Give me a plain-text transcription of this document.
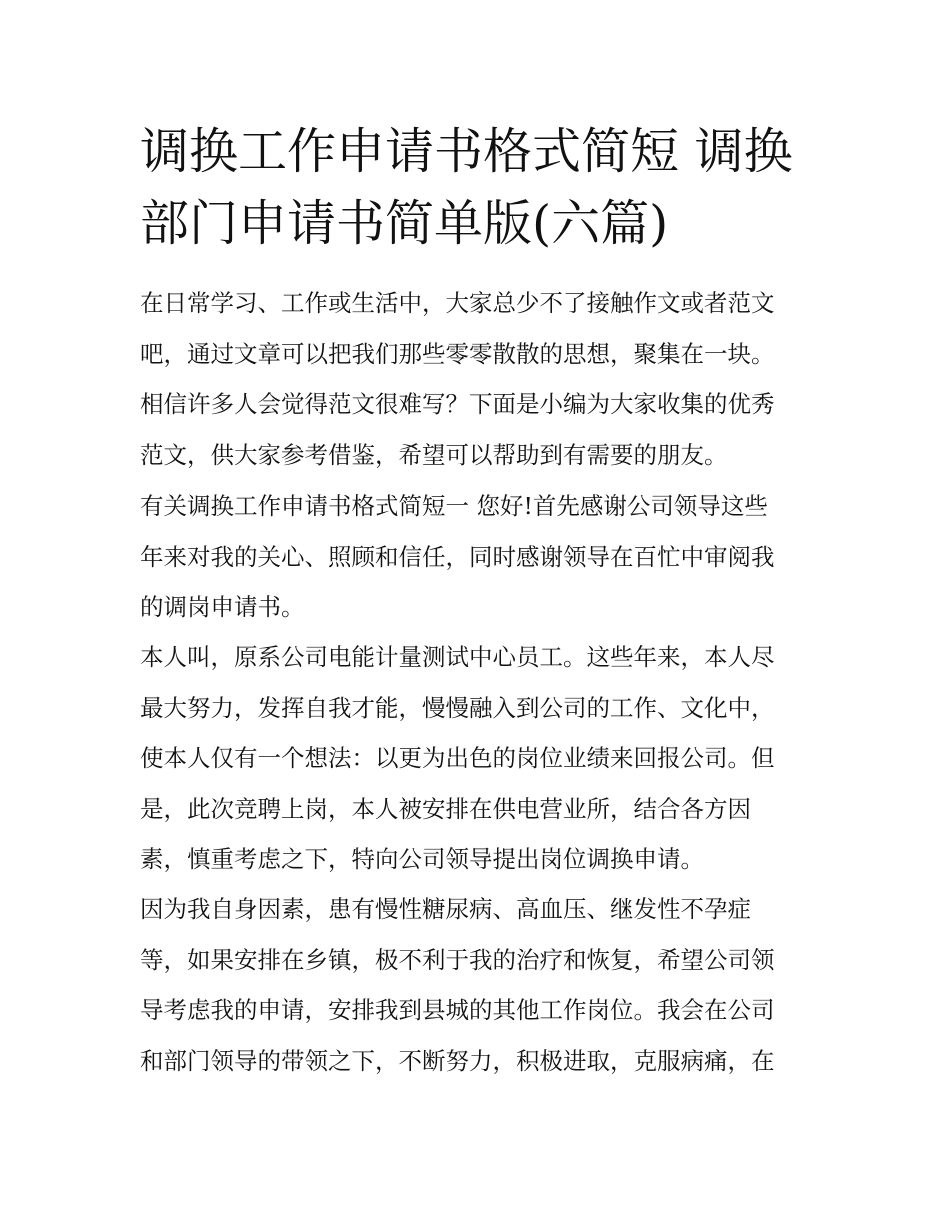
调换工作申请书格式简短 调换
部门申请书简单版(六篇)

在日常学习、工作或生活中，大家总少不了接触作文或者范文
吧，通过文章可以把我们那些零零散散的思想，聚集在一块。
相信许多人会觉得范文很难写？下面是小编为大家收集的优秀
范文，供大家参考借鉴，希望可以帮助到有需要的朋友。

有关调换工作申请书格式简短一 您好!首先感谢公司领导这些
年来对我的关心、照顾和信任，同时感谢领导在百忙中审阅我
的调岗申请书。

本人叫，原系公司电能计量测试中心员工。这些年来，本人尽
最大努力，发挥自我才能，慢慢融入到公司的工作、文化中，
使本人仅有一个想法：以更为出色的岗位业绩来回报公司。但
是，此次竞聘上岗，本人被安排在供电营业所，结合各方因
素，慎重考虑之下，特向公司领导提出岗位调换申请。

因为我自身因素，患有慢性糖尿病、高血压、继发性不孕症
等，如果安排在乡镇，极不利于我的治疗和恢复，希望公司领
导考虑我的申请，安排我到县城的其他工作岗位。我会在公司
和部门领导的带领之下，不断努力，积极进取，克服病痛，在
